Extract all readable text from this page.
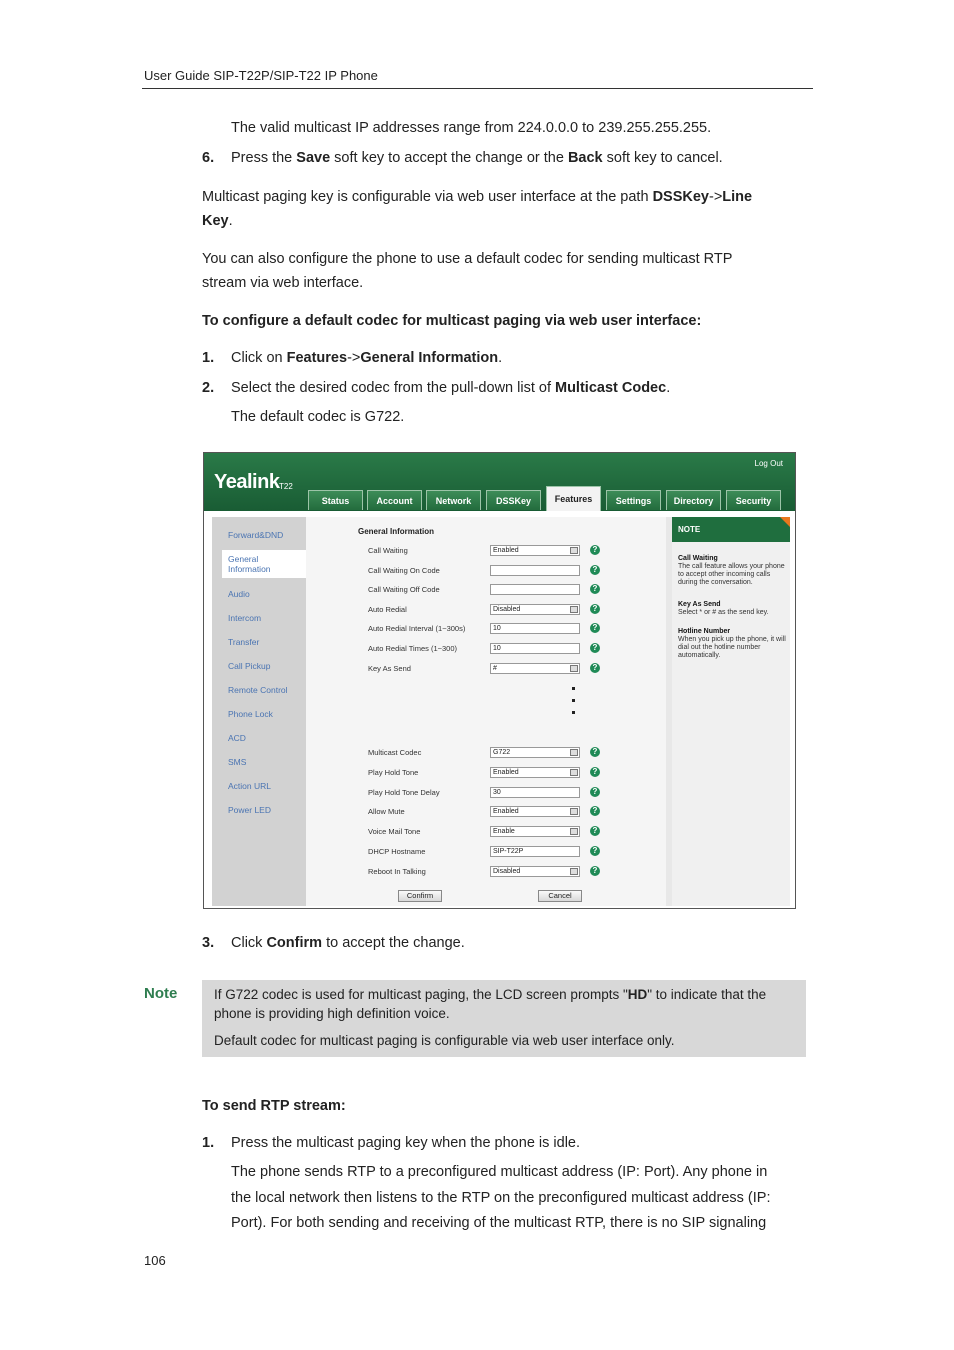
User Guide SIP-T22P/SIP-T22 IP Phone
The valid multicast IP addresses range from 224.0.0.0 to 239.255.255.255.
6. Press the Save soft key to accept the change or the Back soft key to cancel.
Multicast paging key is configurable via web user interface at the path DSSKey->Line
Key.
You can also configure the phone to use a default codec for sending multicast RTP
stream via web interface.
To configure a default codec for multicast paging via web user interface:
1. Click on Features->General Information.
2. Select the desired codec from the pull-down list of Multicast Codec.
The default codec is G722.
Yealink T22
Log Out
Status	Account	Network	DSSKey	Features	Settings	Directory	Security
Forward&DND
General Information
Audio
Intercom
Transfer
Call Pickup
Remote Control
Phone Lock
ACD
SMS
Action URL
Power LED
General Information
Call Waiting	Enabled	?
Call Waiting On Code	?
Call Waiting Off Code	?
Auto Redial	Disabled	?
Auto Redial Interval (1~300s)	10	?
Auto Redial Times (1~300)	10	?
Key As Send	#	?
Multicast Codec	G722	?
Play Hold Tone	Enabled	?
Play Hold Tone Delay	30	?
Allow Mute	Enabled	?
Voice Mail Tone	Enable	?
DHCP Hostname	SIP-T22P	?
Reboot In Talking	Disabled	?
Confirm	Cancel
NOTE
Call Waiting
The call feature allows your phone to accept other incoming calls during the conversation.
Key As Send
Select * or # as the send key.
Hotline Number
When you pick up the phone, it will dial out the hotline number automatically.
3. Click Confirm to accept the change.
Note	If G722 codec is used for multicast paging, the LCD screen prompts "HD" to indicate that the phone is providing high definition voice.

Default codec for multicast paging is configurable via web user interface only.

To send RTP stream:
1. Press the multicast paging key when the phone is idle.
The phone sends RTP to a preconfigured multicast address (IP: Port). Any phone in
the local network then listens to the RTP on the preconfigured multicast address (IP:
Port). For both sending and receiving of the multicast RTP, there is no SIP signaling
106
